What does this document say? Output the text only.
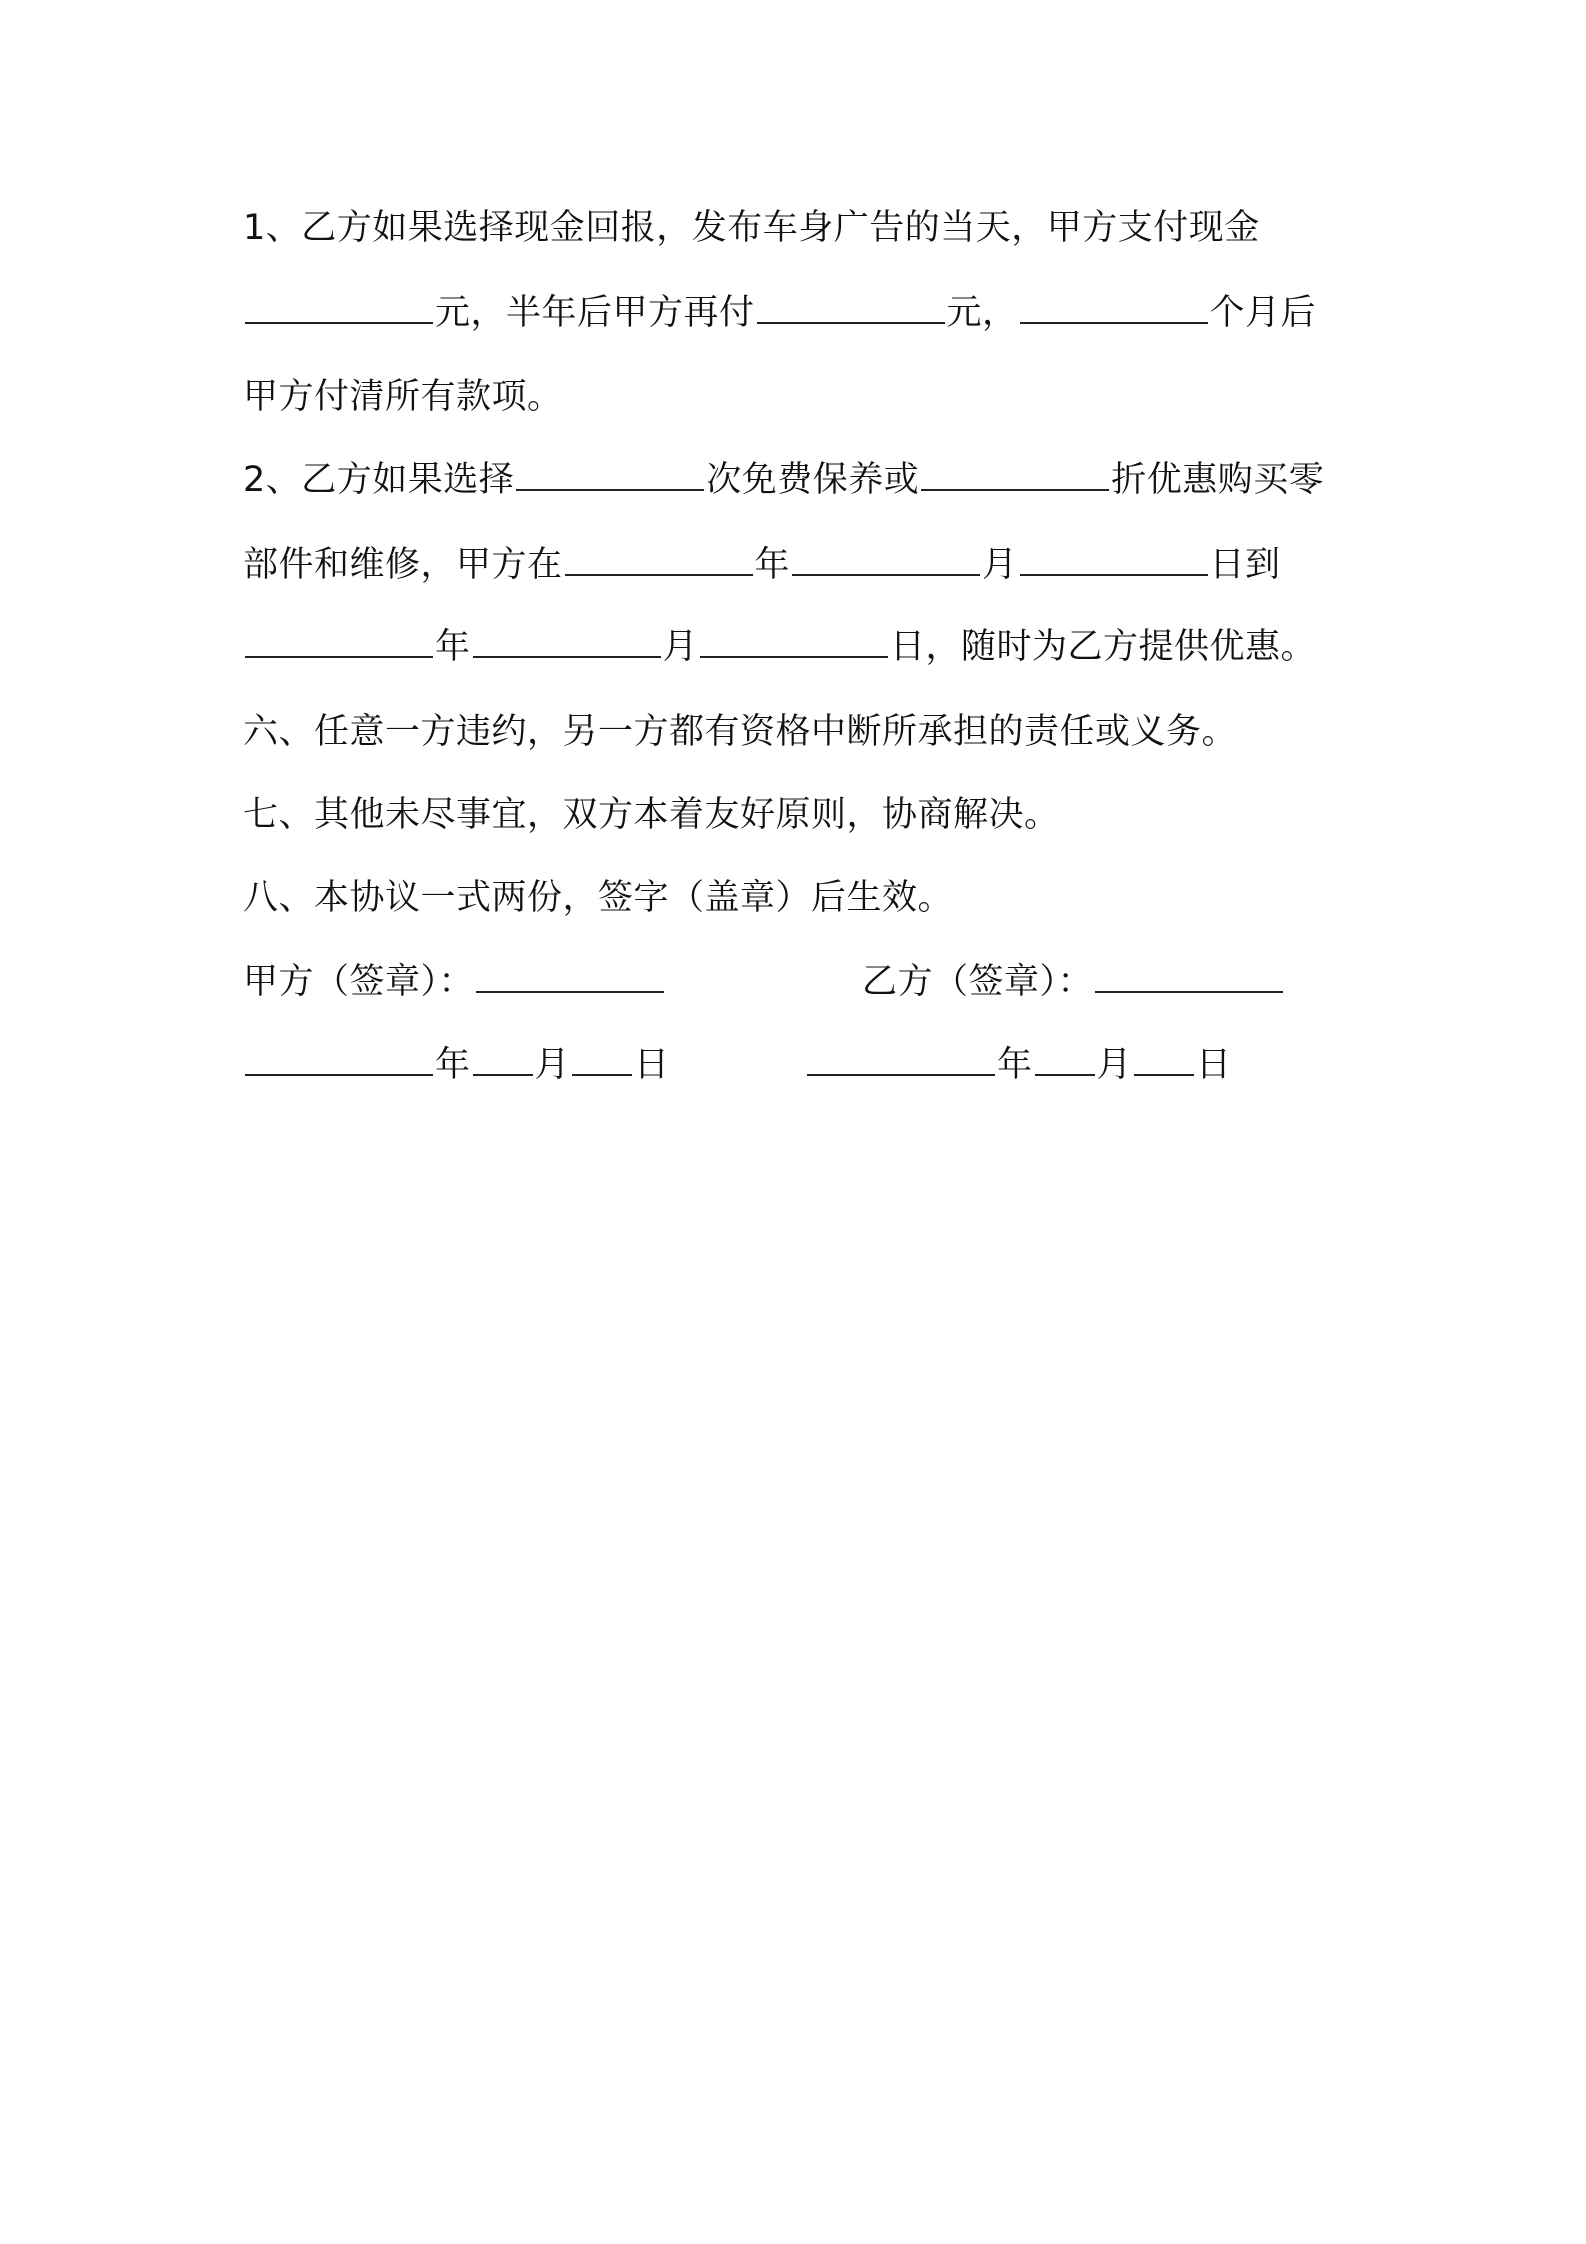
1、乙方如果选择现金回报，发布车身广告的当天，甲方支付现金
元，半年后甲方再付	元，	个月后
甲方付清所有款项。
2、乙方如果选择	次免费保养或	折优惠购买零
部件和维修，甲方在	年	月	日到
年	月	日，随时为乙方提供优惠。
六、任意一方违约，另一方都有资格中断所承担的责任或义务。
七、其他未尽事宜，双方本着友好原则，协商解决。
八、本协议一式两份，签字（盖章）后生效。
甲方（签章）：	乙方（签章）：
年 月 日	年 月 日
